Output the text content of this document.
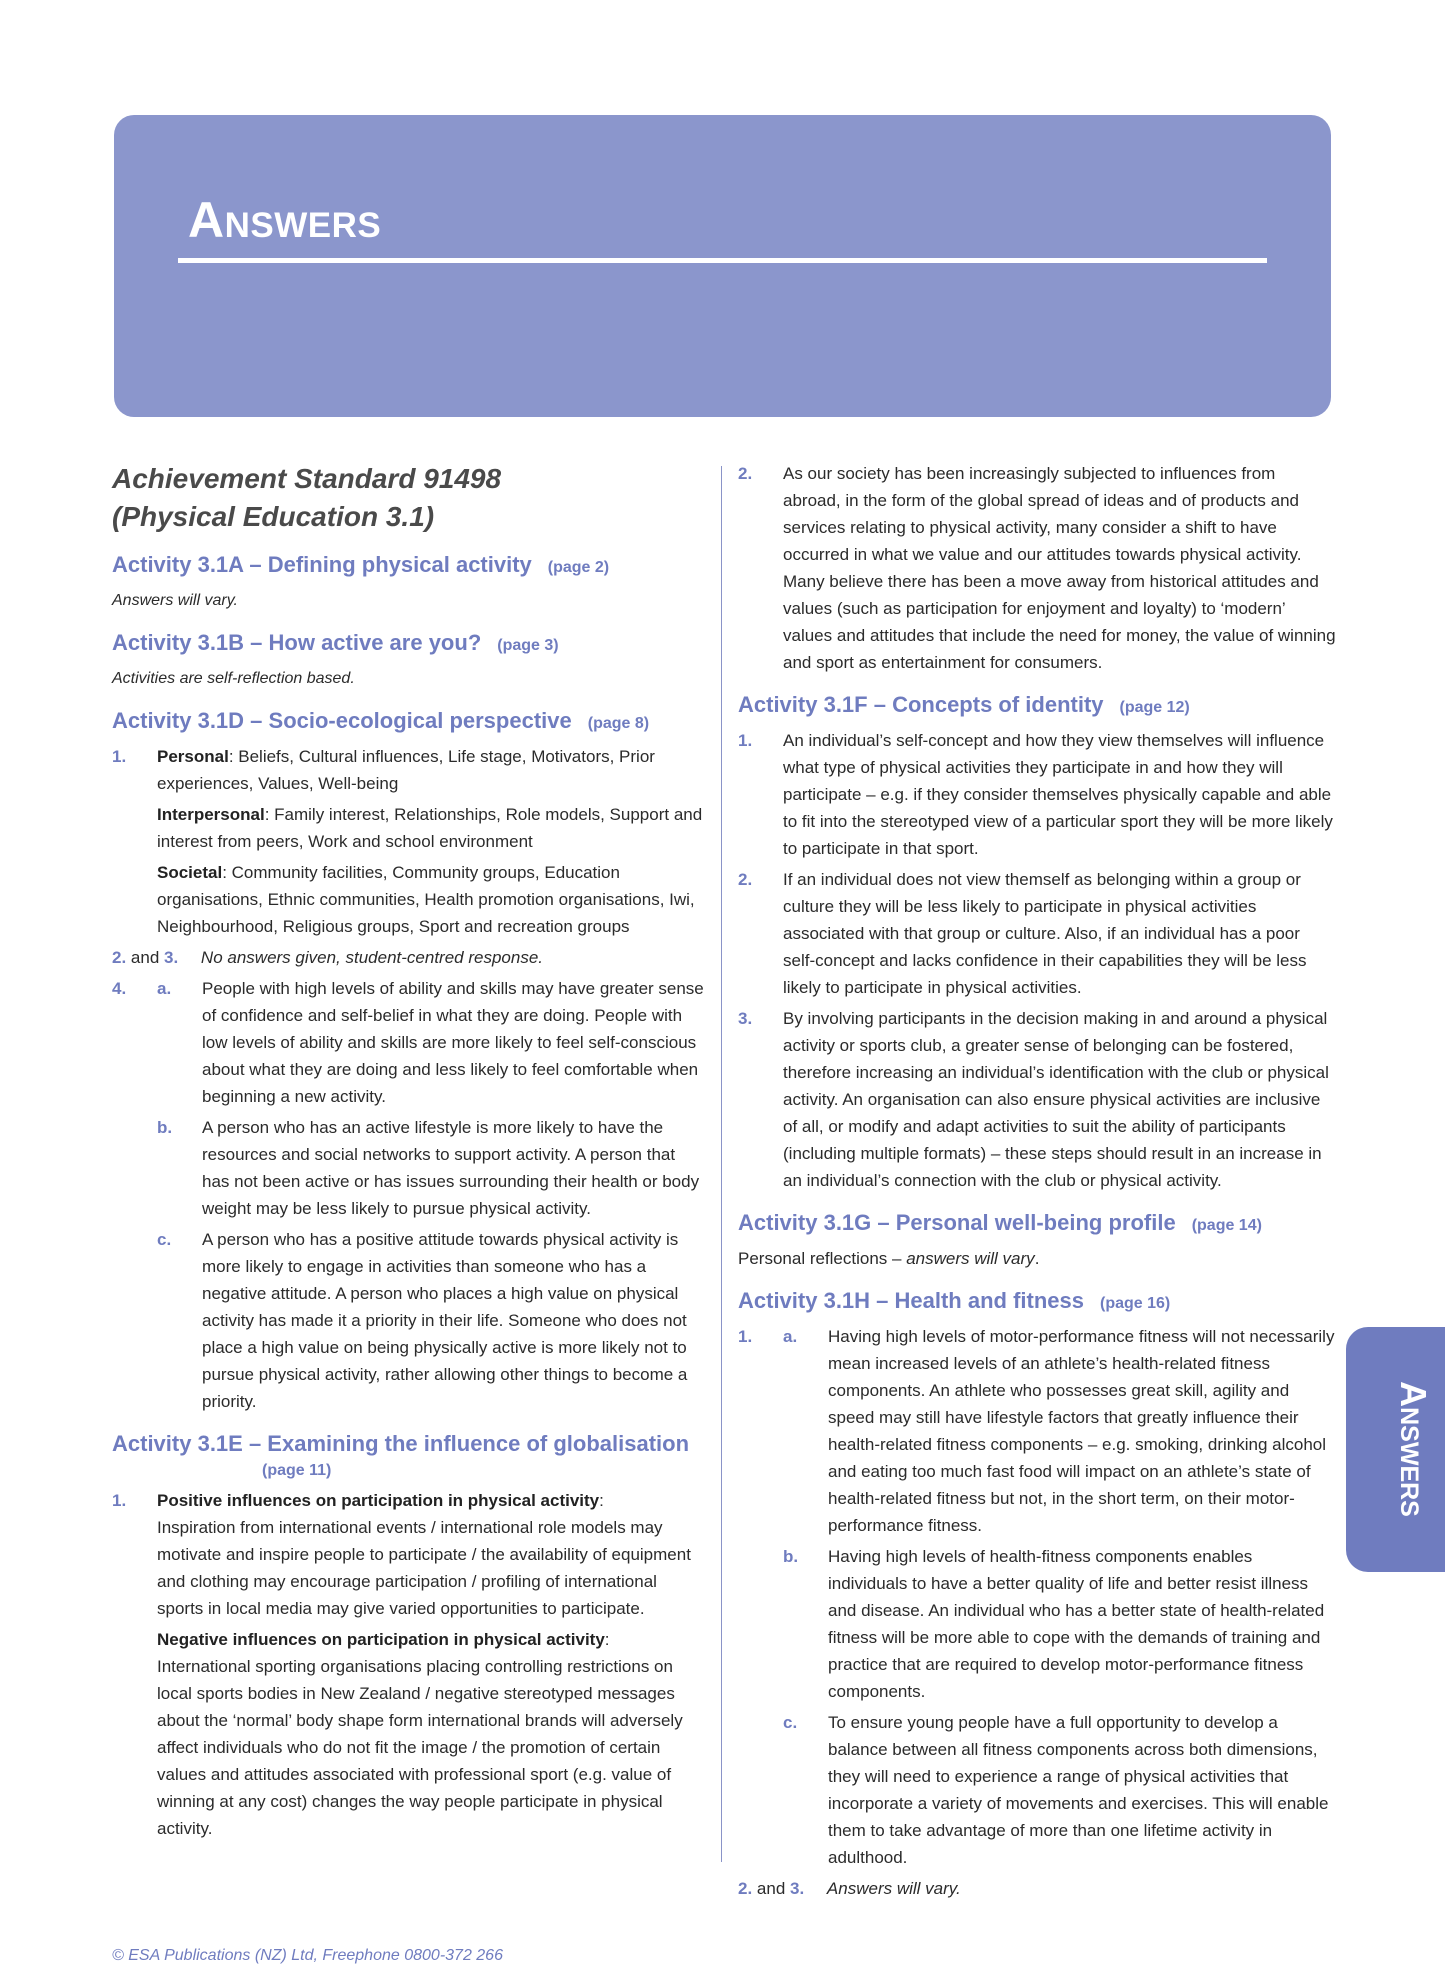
Answers
Answers
Achievement Standard 91498
(Physical Education 3.1)
Activity 3.1A – Defining physical activity (page 2)

Answers will vary.

Activity 3.1B – How active are you? (page 3)

Activities are self-reflection based.

Activity 3.1D – Socio-ecological perspective (page 8)
1. Personal: Beliefs, Cultural influences, Life stage, Motivators, Prior experiences, Values, Well-being

Interpersonal: Family interest, Relationships, Role models, Support and interest from peers, Work and school environment

Societal: Community facilities, Community groups, Education organisations, Ethnic communities, Health promotion organisations, Iwi, Neighbourhood, Religious groups, Sport and recreation groups

2. and 3. No answers given, student-centred response.

4. a. People with high levels of ability and skills may have greater sense of confidence and self-belief in what they are doing. People with low levels of ability and skills are more likely to feel self-conscious about what they are doing and less likely to feel comfortable when beginning a new activity.
b. A person who has an active lifestyle is more likely to have the resources and social networks to support activity. A person that has not been active or has issues surrounding their health or body weight may be less likely to pursue physical activity.
c. A person who has a positive attitude towards physical activity is more likely to engage in activities than someone who has a negative attitude. A person who places a high value on physical activity has made it a priority in their life. Someone who does not place a high value on being physically active is more likely not to pursue physical activity, rather allowing other things to become a priority.
Activity 3.1E – Examining the influence of globalisation
(page 11)
1. Positive influences on participation in physical activity:
Inspiration from international events / international role models may motivate and inspire people to participate / the availability of equipment and clothing may encourage participation / profiling of international sports in local media may give varied opportunities to participate.

Negative influences on participation in physical activity:
International sporting organisations placing controlling restrictions on local sports bodies in New Zealand / negative stereotyped messages about the ‘normal’ body shape form international brands will adversely affect individuals who do not fit the image / the promotion of certain values and attitudes associated with professional sport (e.g. value of winning at any cost) changes the way people participate in physical activity.

2. As our society has been increasingly subjected to influences from abroad, in the form of the global spread of ideas and of products and services relating to physical activity, many consider a shift to have occurred in what we value and our attitudes towards physical activity. Many believe there has been a move away from historical attitudes and values (such as participation for enjoyment and loyalty) to ‘modern’ values and attitudes that include the need for money, the value of winning and sport as entertainment for consumers.
Activity 3.1F – Concepts of identity (page 12)
1. An individual’s self-concept and how they view themselves will influence what type of physical activities they participate in and how they will participate – e.g. if they consider themselves physically capable and able to fit into the stereotyped view of a particular sport they will be more likely to participate in that sport.
2. If an individual does not view themself as belonging within a group or culture they will be less likely to participate in physical activities associated with that group or culture. Also, if an individual has a poor self-concept and lacks confidence in their capabilities they will be less likely to participate in physical activities.
3. By involving participants in the decision making in and around a physical activity or sports club, a greater sense of belonging can be fostered, therefore increasing an individual’s identification with the club or physical activity. An organisation can also ensure physical activities are inclusive of all, or modify and adapt activities to suit the ability of participants (including multiple formats) – these steps should result in an increase in an individual’s connection with the club or physical activity.
Activity 3.1G – Personal well-being profile (page 14)

Personal reflections – answers will vary.

Activity 3.1H – Health and fitness (page 16)
1. a. Having high levels of motor-performance fitness will not necessarily mean increased levels of an athlete’s health-related fitness components. An athlete who possesses great skill, agility and speed may still have lifestyle factors that greatly influence their health-related fitness components – e.g. smoking, drinking alcohol and eating too much fast food will impact on an athlete’s state of health-related fitness but not, in the short term, on their motor-performance fitness.
b. Having high levels of health-fitness components enables individuals to have a better quality of life and better resist illness and disease. An individual who has a better state of health-related fitness will be more able to cope with the demands of training and practice that are required to develop motor-performance fitness components.
c. To ensure young people have a full opportunity to develop a balance between all fitness components across both dimensions, they will need to experience a range of physical activities that incorporate a variety of movements and exercises. This will enable them to take advantage of more than one lifetime activity in adulthood.

2. and 3. Answers will vary.

© ESA Publications (NZ) Ltd, Freephone 0800-372 266
